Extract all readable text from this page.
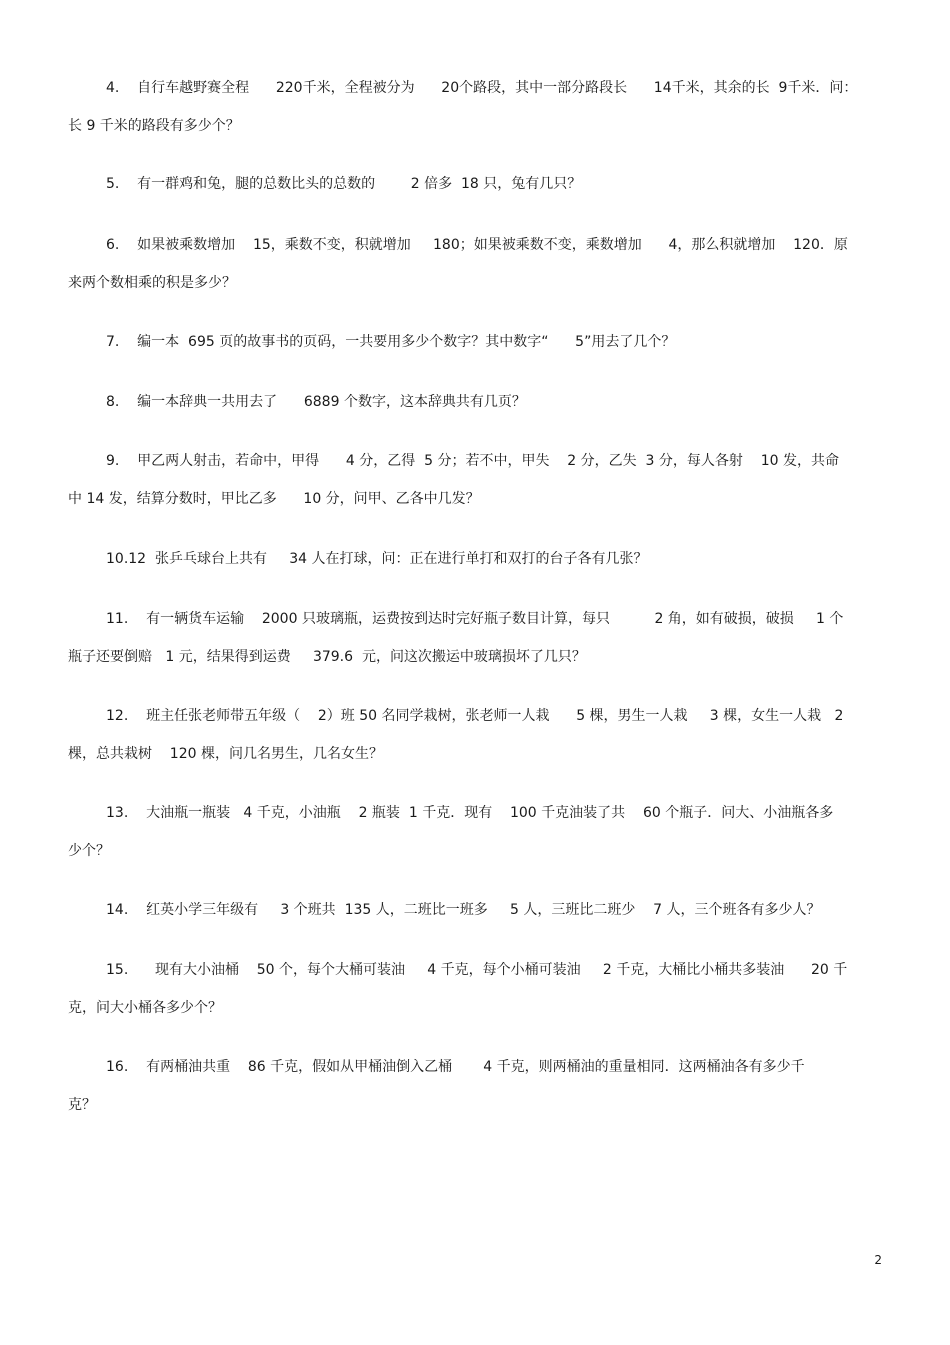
4.    自行车越野赛全程      220千米，全程被分为      20个路段，其中一部分路段长      14千米，其余的长  9千米．问：
长 9 千米的路段有多少个？
5.    有一群鸡和兔，腿的总数比头的总数的        2 倍多  18 只，兔有几只？
6.    如果被乘数增加    15，乘数不变，积就增加     180；如果被乘数不变，乘数增加      4，那么积就增加    120．原
来两个数相乘的积是多少？
7.    编一本  695 页的故事书的页码，一共要用多少个数字？其中数字“      5”用去了几个？
8.    编一本辞典一共用去了      6889 个数字，这本辞典共有几页？
9.    甲乙两人射击，若命中，甲得      4 分，乙得  5 分；若不中，甲失    2 分，乙失  3 分，每人各射    10 发，共命
中 14 发，结算分数时，甲比乙多      10 分，问甲、乙各中几发？
10.12  张乒乓球台上共有     34 人在打球，问：正在进行单打和双打的台子各有几张？
11.    有一辆货车运输    2000 只玻璃瓶，运费按到达时完好瓶子数目计算，每只          2 角，如有破损，破损     1 个
瓶子还要倒赔   1 元，结果得到运费     379.6  元，问这次搬运中玻璃损坏了几只？
12.    班主任张老师带五年级（    2）班 50 名同学栽树，张老师一人栽      5 棵，男生一人栽     3 棵，女生一人栽   2
棵，总共栽树    120 棵，问几名男生，几名女生？
13.    大油瓶一瓶装   4 千克，小油瓶    2 瓶装  1 千克．现有    100 千克油装了共    60 个瓶子．问大、小油瓶各多
少个？
14.    红英小学三年级有     3 个班共  135 人，二班比一班多     5 人，三班比二班少    7 人，三个班各有多少人？
15.      现有大小油桶    50 个，每个大桶可装油     4 千克，每个小桶可装油     2 千克，大桶比小桶共多装油      20 千
克，问大小桶各多少个？
16.    有两桶油共重    86 千克，假如从甲桶油倒入乙桶       4 千克，则两桶油的重量相同．这两桶油各有多少千
克？
2
